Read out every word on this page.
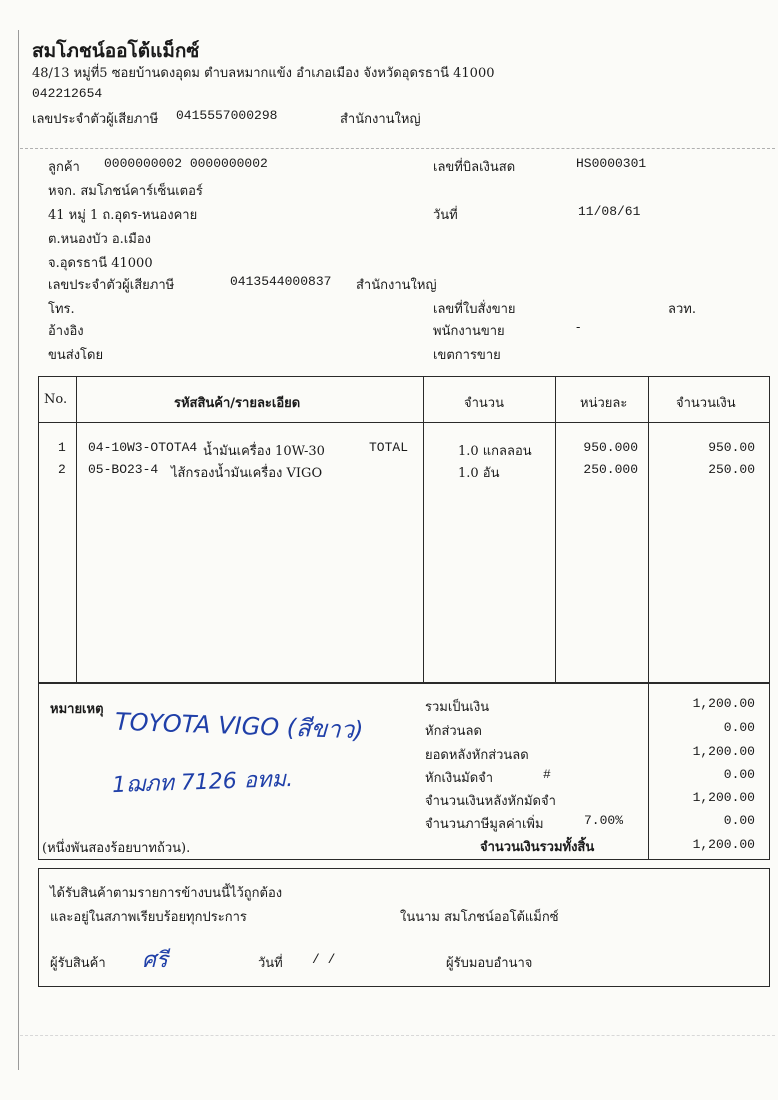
สมโภชน์ออโต้แม็กซ์
48/13 หมู่ที่5 ซอยบ้านดงอุดม ตำบลหมากแข้ง อำเภอเมือง จังหวัดอุดรธานี 41000
042212654
เลขประจำตัวผู้เสียภาษี 0415557000298	สำนักงานใหญ่
ลูกค้า 0000000002 0000000002
หจก. สมโภชน์คาร์เซ็นเตอร์
41 หมู่ 1 ถ.อุดร-หนองคาย
ต.หนองบัว อ.เมือง
จ.อุดรธานี 41000
เลขประจำตัวผู้เสียภาษี	0413544000837 สำนักงานใหญ่
โทร.
อ้างอิง
ขนส่งโดย
เลขที่บิลเงินสด	HS0000301
วันที่	11/08/61
เลขที่ใบสั่งขาย	ลวท.
พนักงานขาย	-
เขตการขาย
No.	รหัสสินค้า/รายละเอียด	จำนวน	หน่วยละ	จำนวนเงิน
1 04-10W3-OTOTA4 น้ำมันเครื่อง 10W-30	TOTAL	1.0 แกลลอน	950.000	950.00
2 05-BO23-4 ไส้กรองน้ำมันเครื่อง VIGO	1.0 อัน	250.000	250.00
หมายเหตุ TOYOTA VIGO (สีขาว)
1ฌภท 7126 อทม.
รวมเป็นเงิน	1,200.00
หักส่วนลด	0.00
ยอดหลังหักส่วนลด	1,200.00
หักเงินมัดจำ	#	0.00
จำนวนเงินหลังหักมัดจำ	1,200.00
จำนวนภาษีมูลค่าเพิ่ม	7.00%	0.00
(หนึ่งพันสองร้อยบาทถ้วน).	จำนวนเงินรวมทั้งสิ้น	1,200.00
ได้รับสินค้าตามรายการข้างบนนี้ไว้ถูกต้อง
และอยู่ในสภาพเรียบร้อยทุกประการ	ในนาม สมโภชน์ออโต้แม็กซ์
ผู้รับสินค้า ศรี	วันที่ / /	ผู้รับมอบอำนาจ
